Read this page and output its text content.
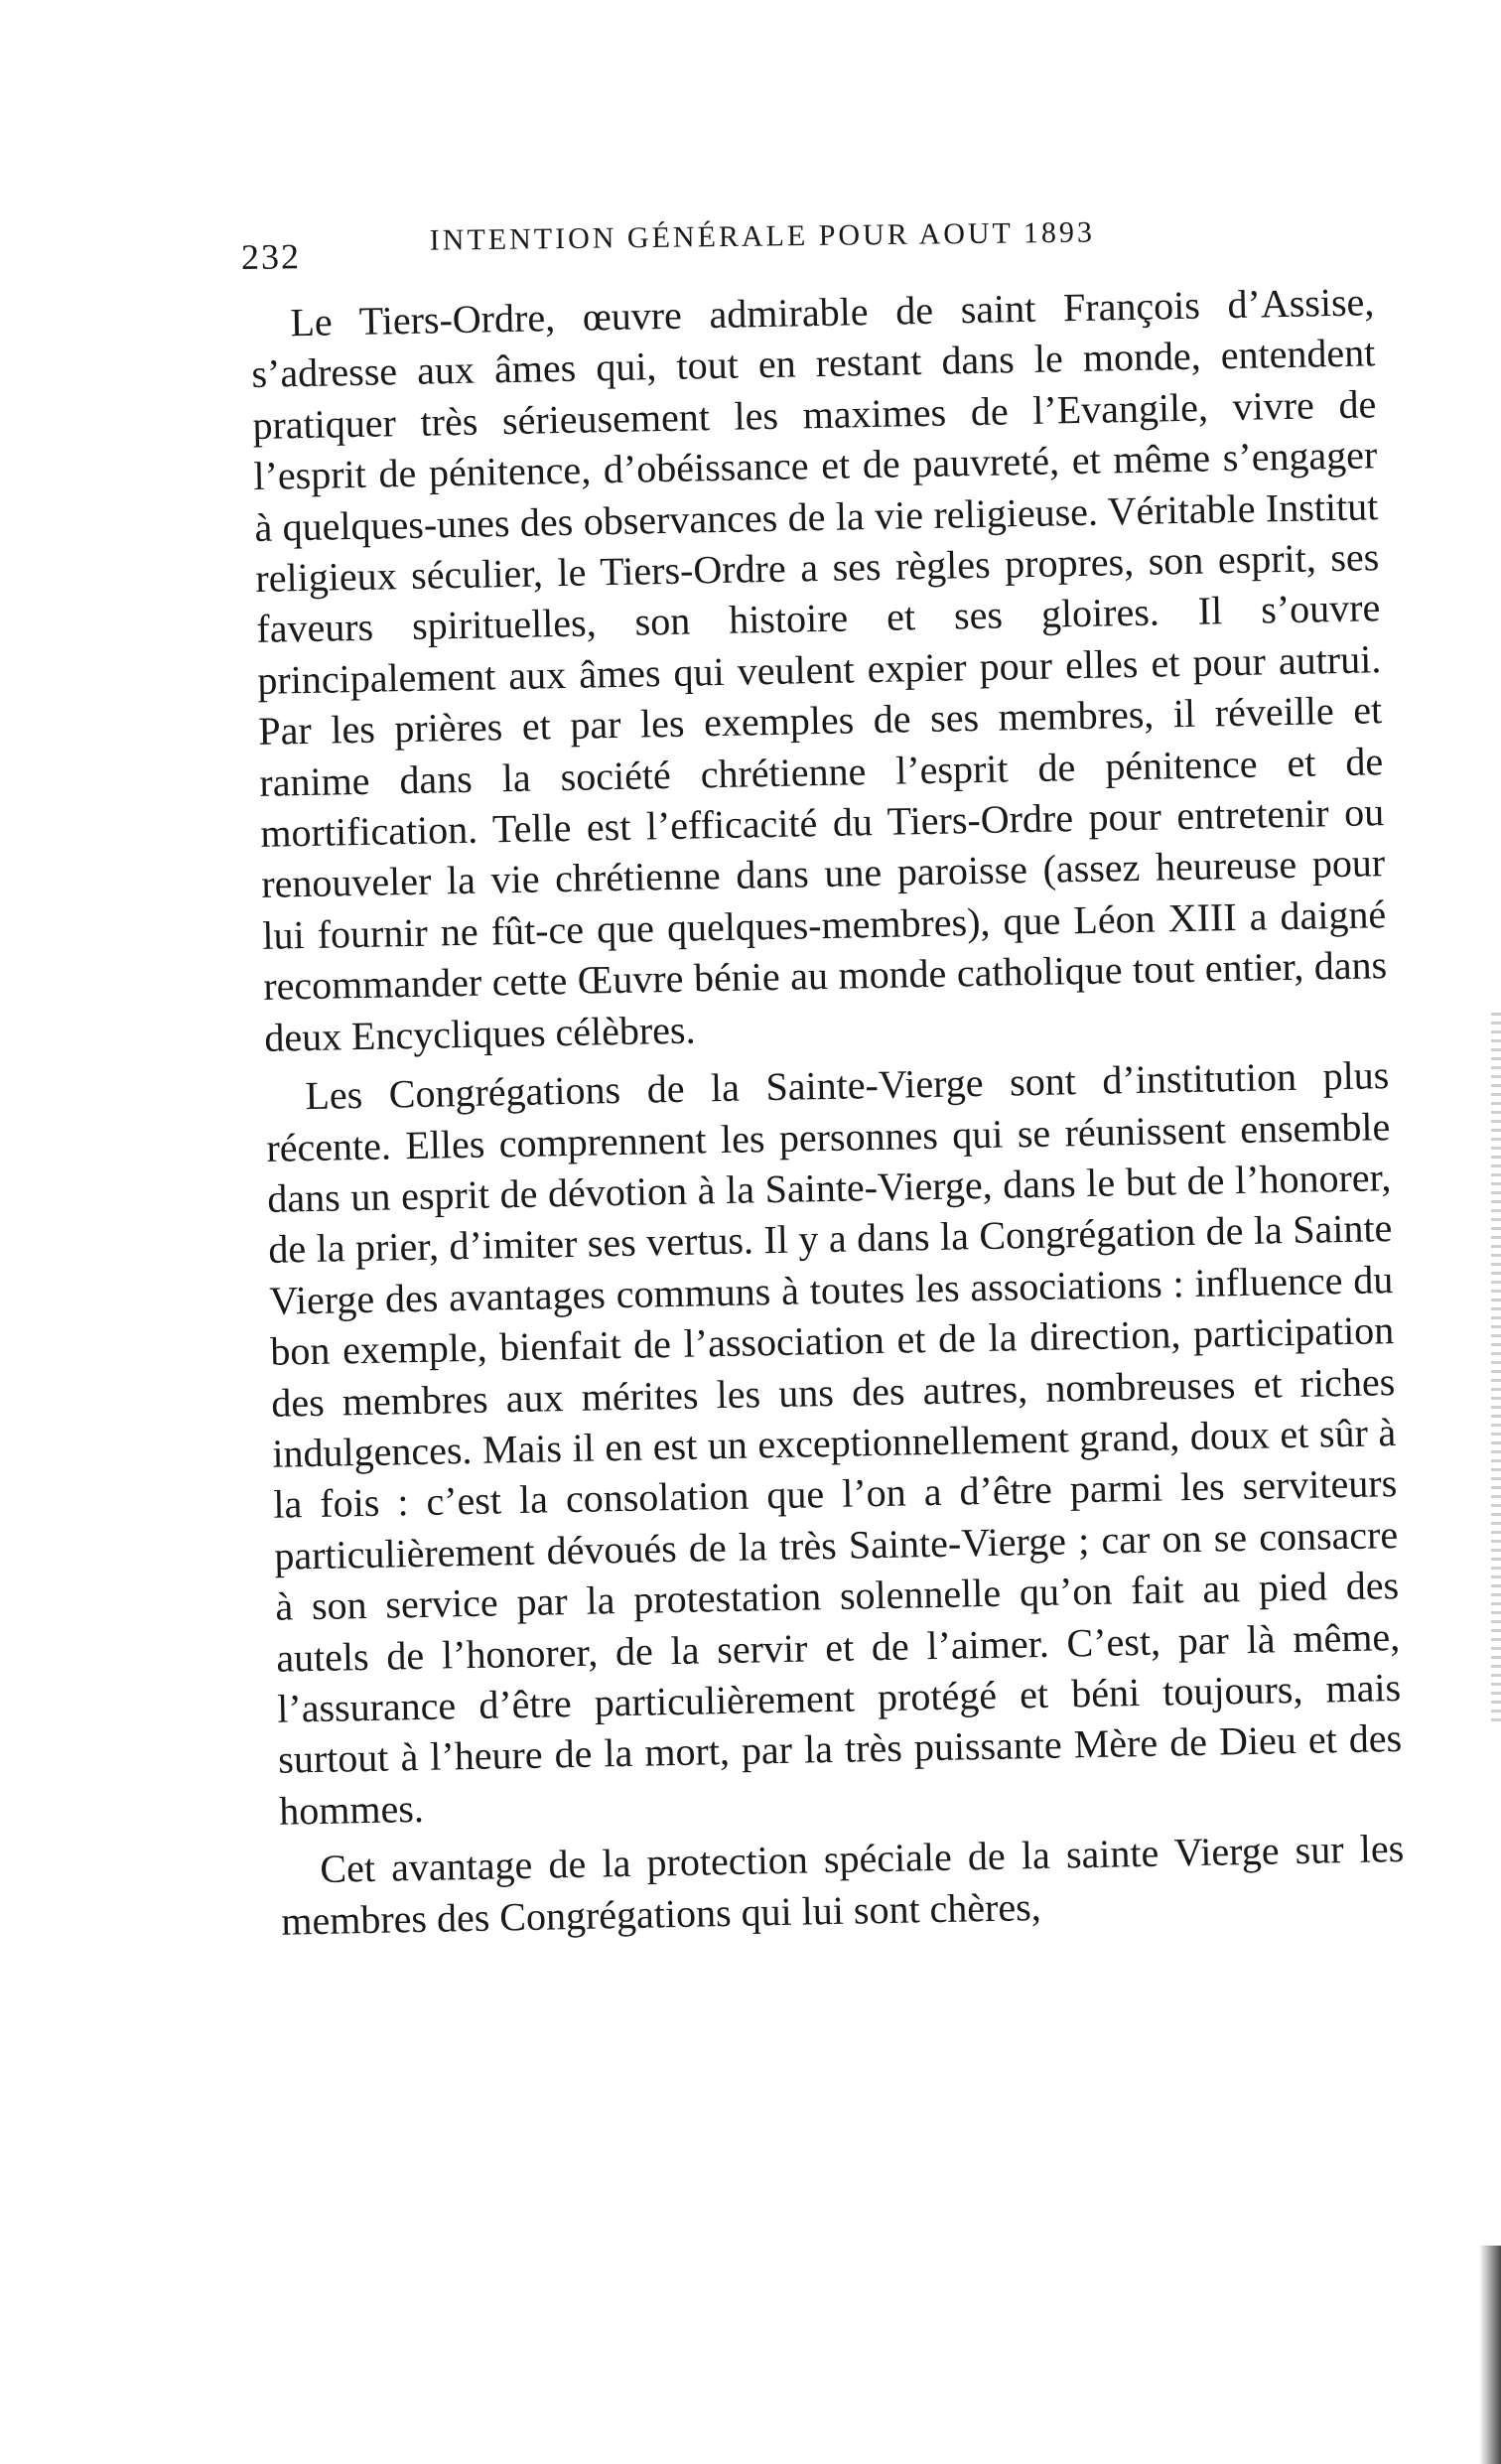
232	INTENTION GÉNÉRALE POUR AOUT 1893

Le Tiers-Ordre, œuvre admirable de saint François d’Assise, s’adresse aux âmes qui, tout en restant dans le monde, entendent pratiquer très sérieusement les maximes de l’Evangile, vivre de l’esprit de pénitence, d’obéissance et de pauvreté, et même s’engager à quelques-unes des observances de la vie religieuse. Véritable Institut religieux séculier, le Tiers-Ordre a ses règles propres, son esprit, ses faveurs spirituelles, son histoire et ses gloires. Il s’ouvre principalement aux âmes qui veulent expier pour elles et pour autrui. Par les prières et par les exemples de ses membres, il réveille et ranime dans la société chrétienne l’esprit de pénitence et de mortification. Telle est l’efficacité du Tiers-Ordre pour entretenir ou renouveler la vie chrétienne dans une paroisse (assez heureuse pour lui fournir ne fût-ce que quelques-membres), que Léon XIII a daigné recommander cette Œuvre bénie au monde catholique tout entier, dans deux Encycliques célèbres.

Les Congrégations de la Sainte-Vierge sont d’institution plus récente. Elles comprennent les personnes qui se réunissent ensemble dans un esprit de dévotion à la Sainte-Vierge, dans le but de l’honorer, de la prier, d’imiter ses vertus. Il y a dans la Congrégation de la Sainte Vierge des avantages communs à toutes les associations : influence du bon exemple, bienfait de l’association et de la direction, participation des membres aux mérites les uns des autres, nombreuses et riches indulgences. Mais il en est un exceptionnellement grand, doux et sûr à la fois : c’est la consolation que l’on a d’être parmi les serviteurs particulièrement dévoués de la très Sainte-Vierge ; car on se consacre à son service par la protestation solennelle qu’on fait au pied des autels de l’honorer, de la servir et de l’aimer. C’est, par là même, l’assurance d’être particulièrement protégé et béni toujours, mais surtout à l’heure de la mort, par la très puissante Mère de Dieu et des hommes.

Cet avantage de la protection spéciale de la sainte Vierge sur les membres des Congrégations qui lui sont chères,
